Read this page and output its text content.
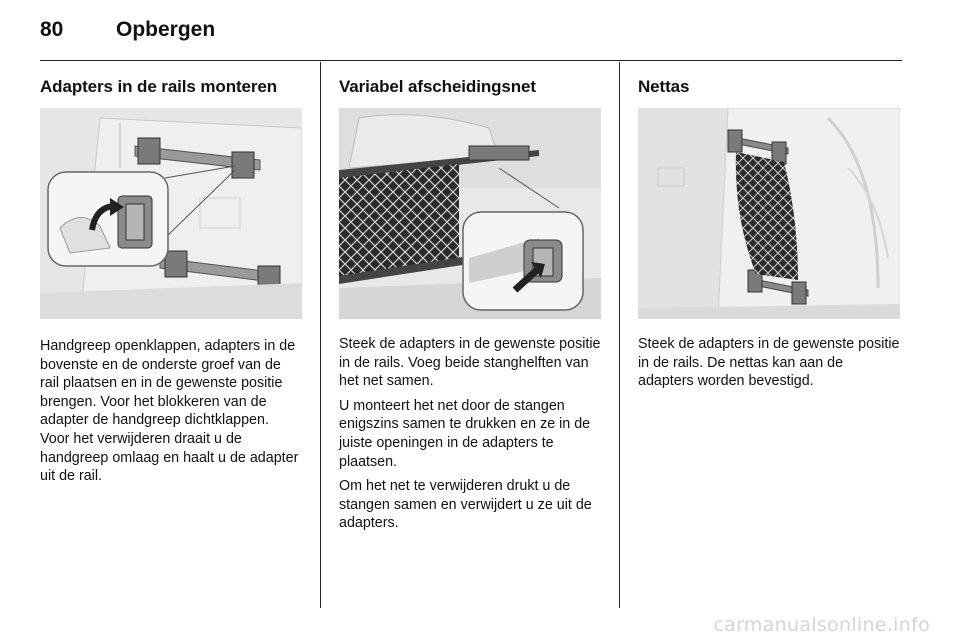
80	Opbergen
Adapters in de rails monteren

Handgreep openklappen, adapters in de bovenste en de onderste groef van de rail plaatsen en in de gewenste positie brengen. Voor het blokkeren van de adapter de handgreep dichtklappen. Voor het verwijderen draait u de handgreep omlaag en haalt u de adapter uit de rail.

Variabel afscheidingsnet

Steek de adapters in de gewenste positie in de rails. Voeg beide stanghelften van het net samen.

U monteert het net door de stangen enigszins samen te drukken en ze in de juiste openingen in de adapters te plaatsen.

Om het net te verwijderen drukt u de stangen samen en verwijdert u ze uit de adapters.

Nettas

Steek de adapters in de gewenste positie in de rails. De nettas kan aan de adapters worden bevestigd.

carmanualsonline.info
